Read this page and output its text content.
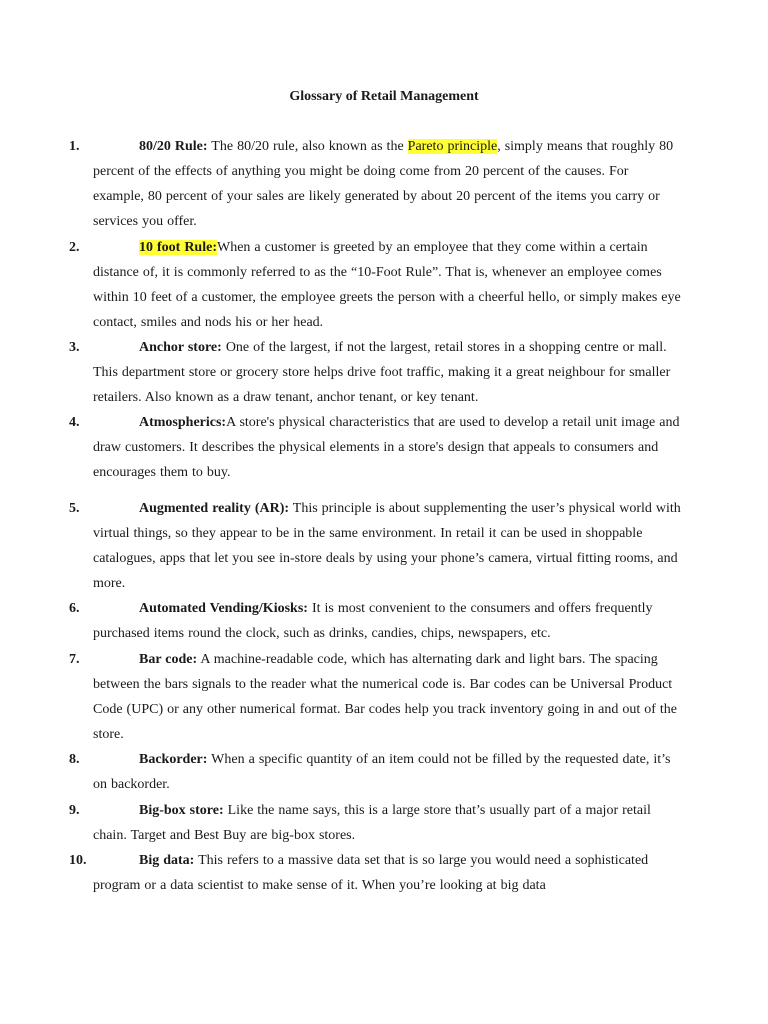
Glossary of Retail Management
1.	80/20 Rule: The 80/20 rule, also known as the Pareto principle, simply means that roughly 80 percent of the effects of anything you might be doing come from 20 percent of the causes. For example, 80 percent of your sales are likely generated by about 20 percent of the items you carry or services you offer.
2.	10 foot Rule:When a customer is greeted by an employee that they come within a certain distance of, it is commonly referred to as the “10-Foot Rule”. That is, whenever an employee comes within 10 feet of a customer, the employee greets the person with a cheerful hello, or simply makes eye contact, smiles and nods his or her head.
3.	Anchor store: One of the largest, if not the largest, retail stores in a shopping centre or mall. This department store or grocery store helps drive foot traffic, making it a great neighbour for smaller retailers. Also known as a draw tenant, anchor tenant, or key tenant.
4.	Atmospherics:A store's physical characteristics that are used to develop a retail unit image and draw customers. It describes the physical elements in a store's design that appeals to consumers and encourages them to buy.
5.	Augmented reality (AR): This principle is about supplementing the user’s physical world with virtual things, so they appear to be in the same environment. In retail it can be used in shoppable catalogues, apps that let you see in-store deals by using your phone’s camera, virtual fitting rooms, and more.
6.	Automated Vending/Kiosks: It is most convenient to the consumers and offers frequently purchased items round the clock, such as drinks, candies, chips, newspapers, etc.
7.	Bar code: A machine-readable code, which has alternating dark and light bars. The spacing between the bars signals to the reader what the numerical code is. Bar codes can be Universal Product Code (UPC) or any other numerical format. Bar codes help you track inventory going in and out of the store.
8.	Backorder: When a specific quantity of an item could not be filled by the requested date, it’s on backorder.
9.	Big-box store: Like the name says, this is a large store that’s usually part of a major retail chain. Target and Best Buy are big-box stores.
10.	Big data: This refers to a massive data set that is so large you would need a sophisticated program or a data scientist to make sense of it. When you’re looking at big data
